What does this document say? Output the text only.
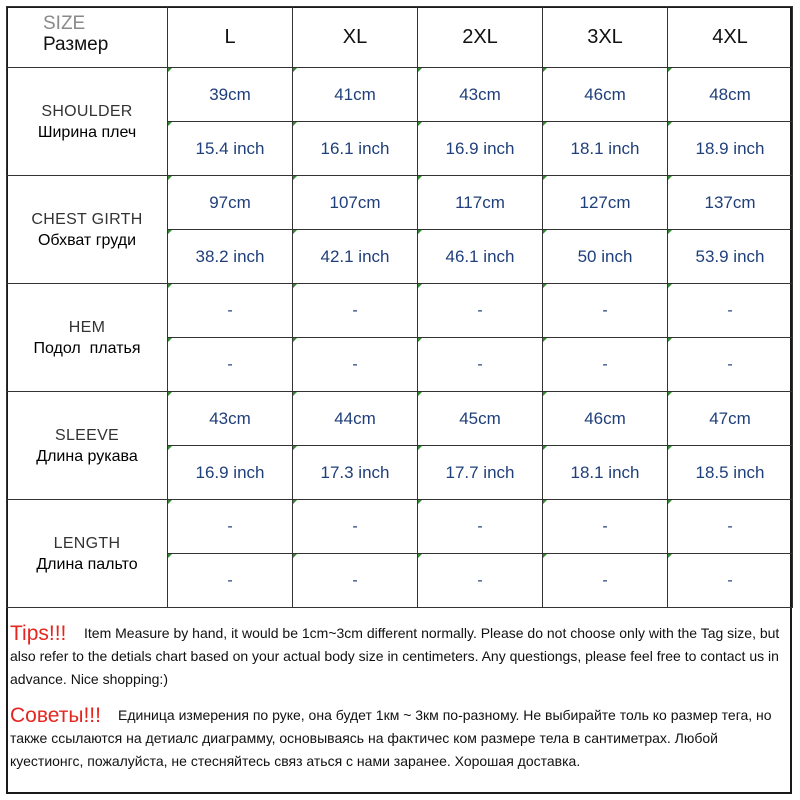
SIZE
Размер	L	XL	2XL	3XL	4XL

SHOULDER
Ширина плеч	39cm	41cm	43cm	46cm	48cm
	15.4 inch	16.1 inch	16.9 inch	18.1 inch	18.9 inch

CHEST GIRTH
Обхват груди	97cm	107cm	117cm	127cm	137cm
	38.2 inch	42.1 inch	46.1 inch	50 inch	53.9 inch

HEM
Подол  платья	-	-	-	-	-
	-	-	-	-	-

SLEEVE
Длина рукава	43cm	44cm	45cm	46cm	47cm
	16.9 inch	17.3 inch	17.7 inch	18.1 inch	18.5 inch

LENGTH
Длина пальто	-	-	-	-	-
	-	-	-	-	-
Tips!!!	Item Measure by hand, it would be 1cm~3cm different normally. Please do not choose only with the Tag size, but also refer to the detials chart based on your actual body size in centimeters. Any questiongs, please feel free to contact us in advance. Nice shopping:)
Советы!!!	Единица измерения по руке, она будет 1км ~ 3км по-разному. Не выбирайте толь ко размер тега, но также ссылаются на детиалс диаграмму, основываясь на фактичес ком размере тела в сантиметрах. Любой куестионгс, пожалуйста, не стесняйтесь связ аться с нами заранее. Хорошая доставка.
